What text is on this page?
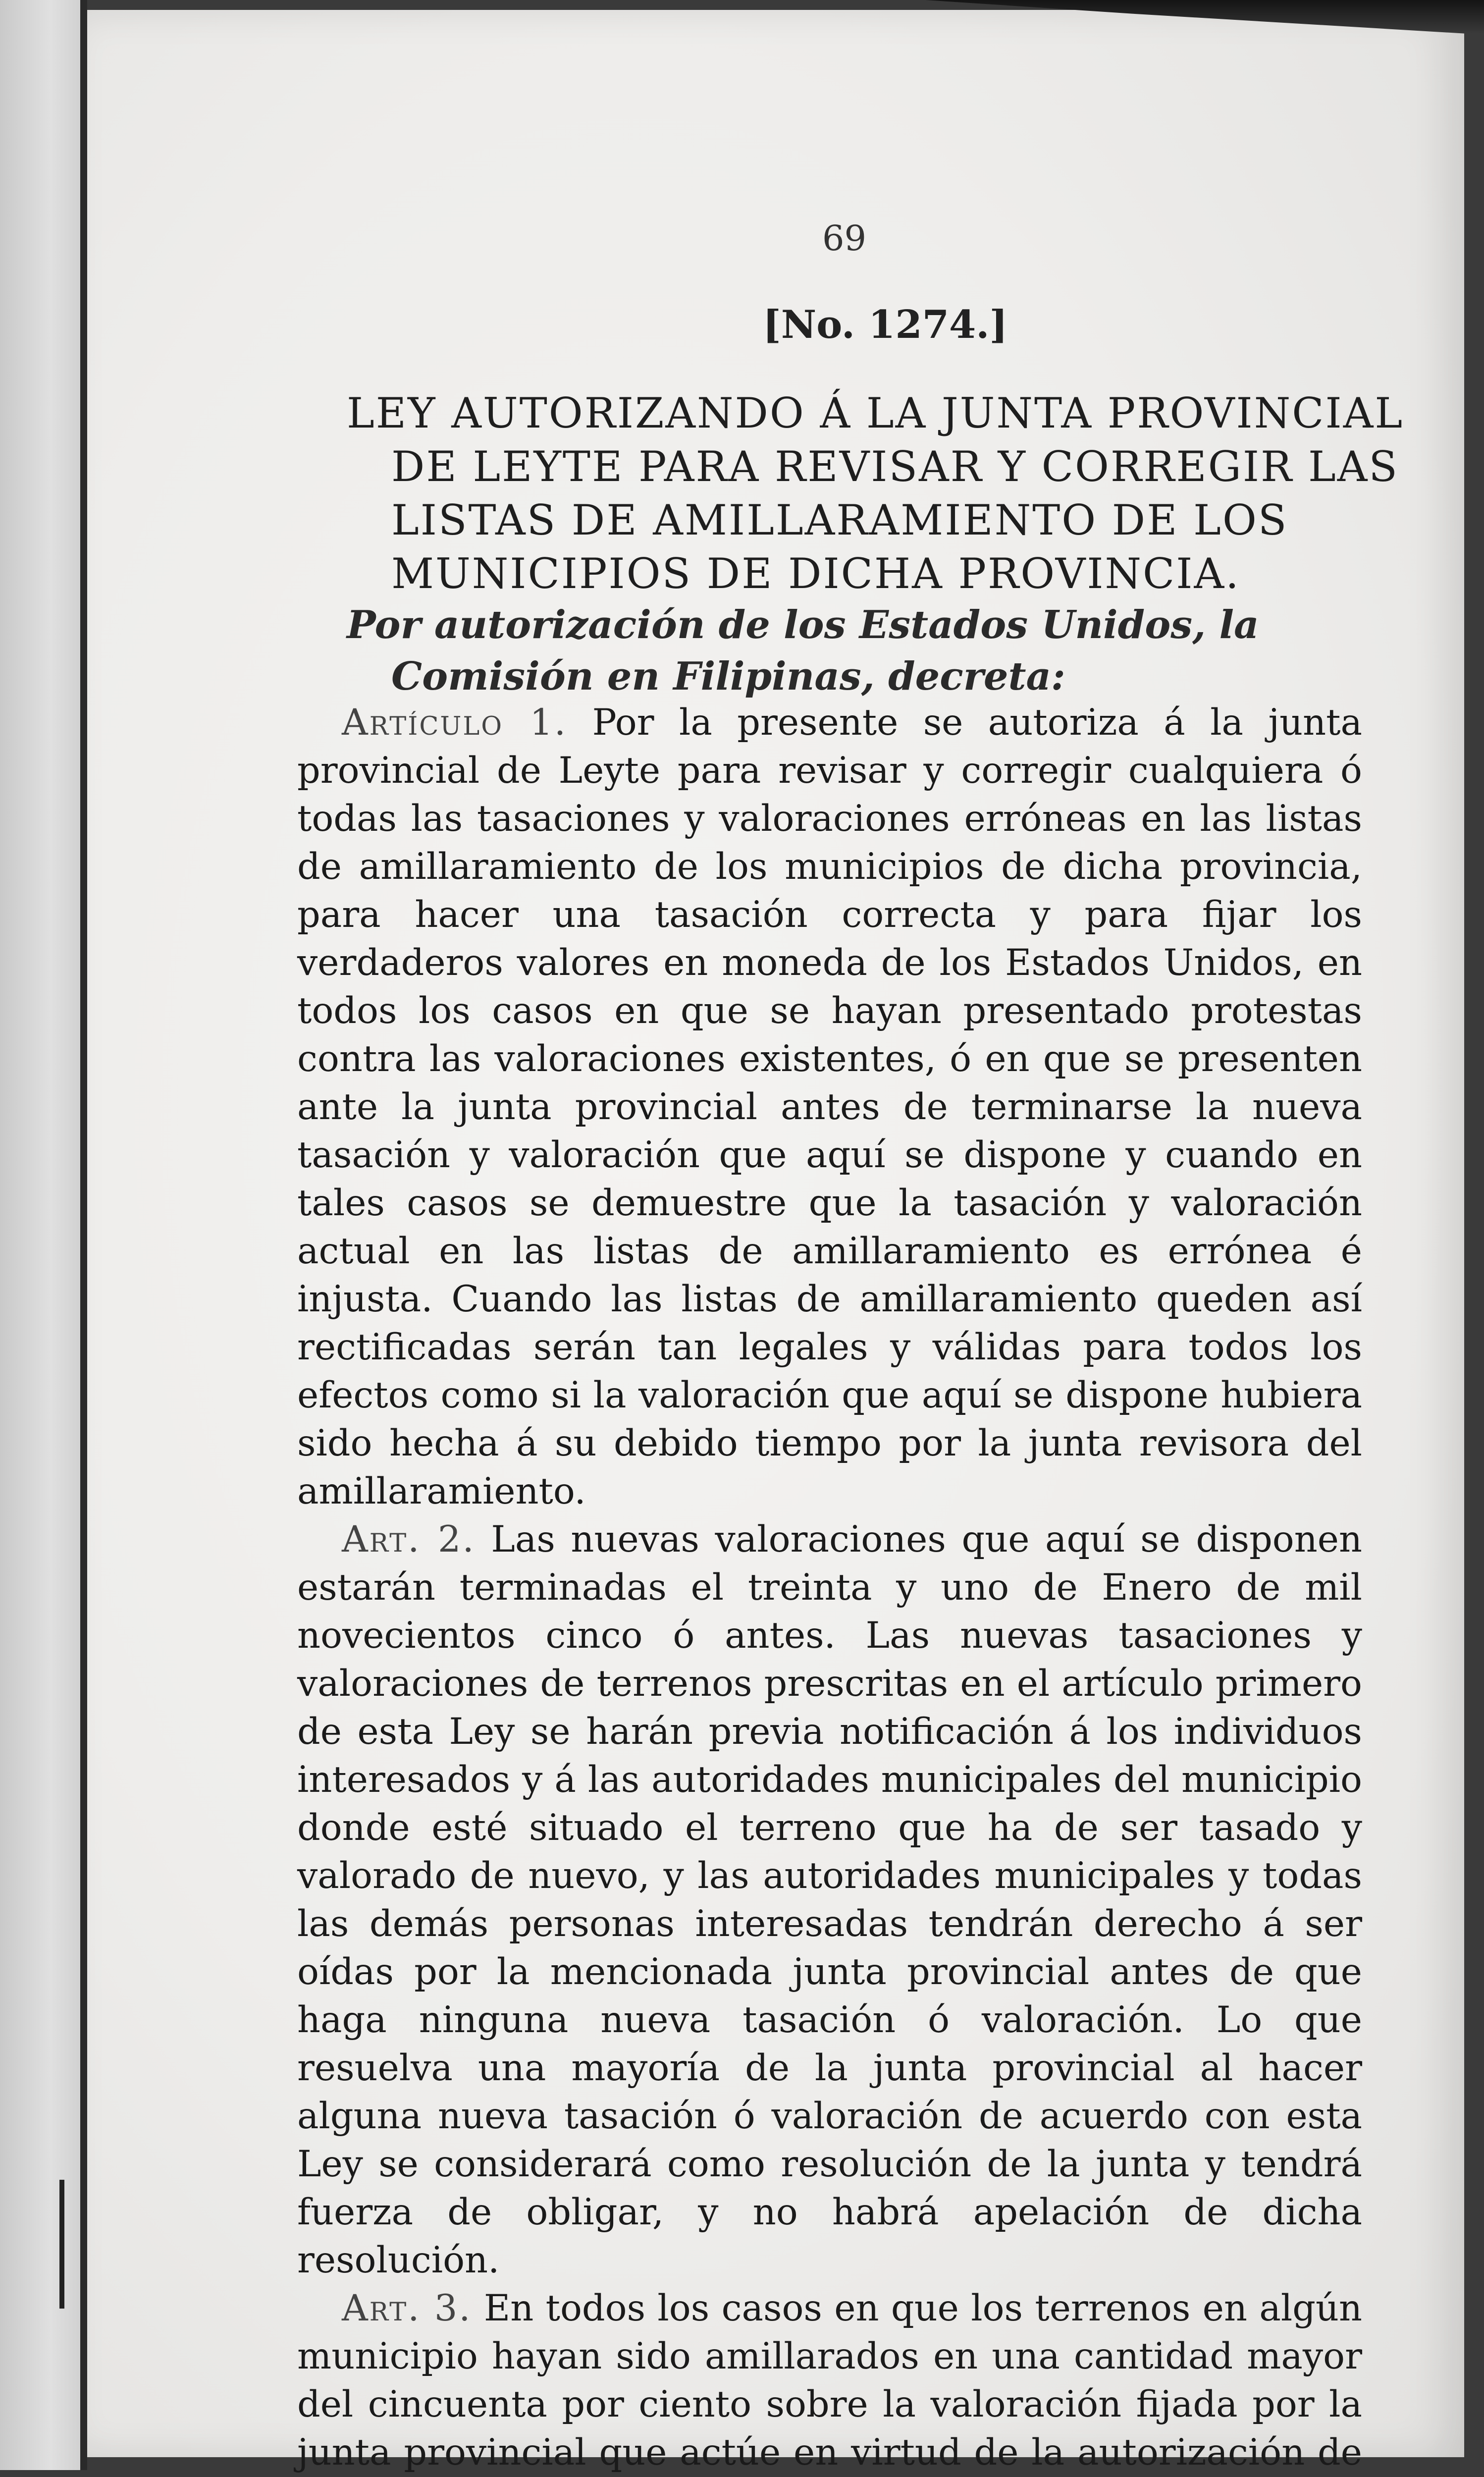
69
[No. 1274.]
LEY AUTORIZANDO Á LA JUNTA PROVINCIAL DE LEYTE PARA REVISAR Y CORREGIR LAS LISTAS DE AMILLARAMIENTO DE LOS MUNICIPIOS DE DICHA PROVINCIA.
Por autorización de los Estados Unidos, la Comisión en Filipinas, decreta:

Artículo 1. Por la presente se autoriza á la junta provincial de Leyte para revisar y corregir cualquiera ó todas las tasaciones y valoraciones erróneas en las listas de amillaramiento de los municipios de dicha provincia, para hacer una tasación correcta y para fijar los verdaderos valores en moneda de los Estados Unidos, en todos los casos en que se hayan presentado protestas contra las valoraciones existentes, ó en que se presenten ante la junta provincial antes de terminarse la nueva tasación y valoración que aquí se dispone y cuando en tales casos se demuestre que la tasación y valoración actual en las listas de amillaramiento es errónea é injusta. Cuando las listas de amillaramiento queden así rectificadas serán tan legales y válidas para todos los efectos como si la valoración que aquí se dispone hubiera sido hecha á su debido tiempo por la junta revisora del amillaramiento.

Art. 2. Las nuevas valoraciones que aquí se disponen estarán terminadas el treinta y uno de Enero de mil novecientos cinco ó antes. Las nuevas tasaciones y valoraciones de terrenos prescritas en el artículo primero de esta Ley se harán previa notificación á los individuos interesados y á las autoridades municipales del municipio donde esté situado el terreno que ha de ser tasado y valorado de nuevo, y las autoridades municipales y todas las demás personas interesadas tendrán derecho á ser oídas por la mencionada junta provincial antes de que haga ninguna nueva tasación ó valoración. Lo que resuelva una mayoría de la junta provincial al hacer alguna nueva tasación ó valoración de acuerdo con esta Ley se considerará como resolución de la junta y tendrá fuerza de obligar, y no habrá apelación de dicha resolución.

Art. 3. En todos los casos en que los terrenos en algún municipio hayan sido amillarados en una cantidad mayor del cincuenta por ciento sobre la valoración fijada por la junta provincial que actúe en virtud de la autorización de
